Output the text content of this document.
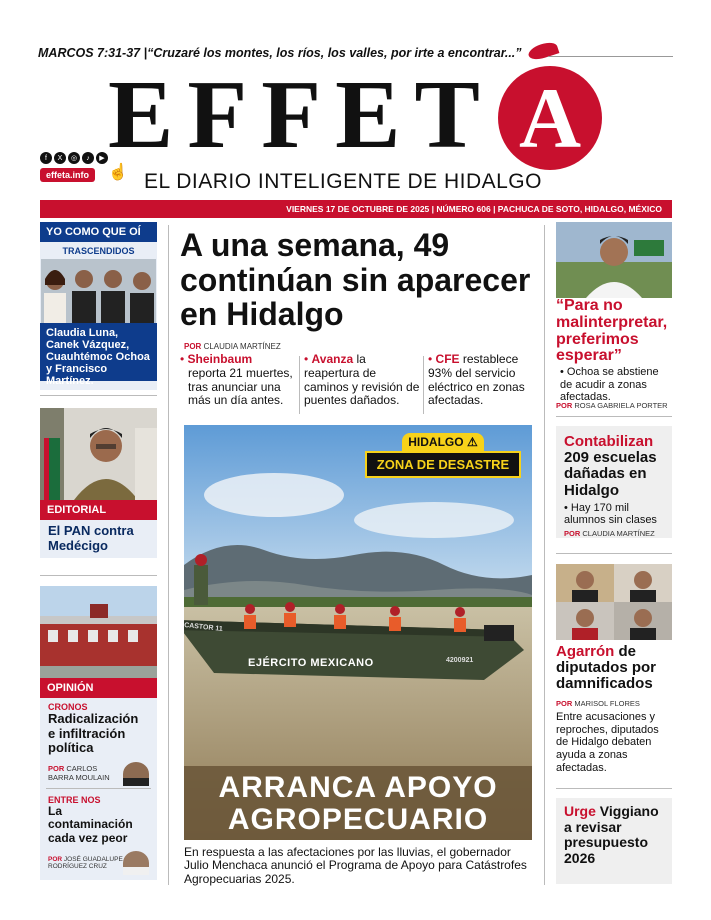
MARCOS 7:31-37 |“Cruzaré los montes, los ríos, los valles, por irte a encontrar...”
EFFET A
f	X	◎	♪	▶
effeta.info	☝ EL DIARIO INTELIGENTE DE HIDALGO
VIERNES 17 DE OCTUBRE DE 2025 | NÚMERO 606 | PACHUCA DE SOTO, HIDALGO, MÉXICO
YO COMO QUE OÍ
TRASCENDIDOS
Claudia Luna, Canek Vázquez, Cuauhtémoc Ochoa y Francisco Martínez.
EDITORIAL
El PAN contra Medécigo
OPINIÓN
CRONOS
Radicalización e infiltración política
POR CARLOS BARRA MOULAIN
ENTRE NOS
La contaminación cada vez peor
POR JOSÉ GUADALUPE RODRÍGUEZ CRUZ
A una semana, 49 continúan sin aparecer en Hidalgo
POR CLAUDIA MARTÍNEZ
• Sheinbaum
reporta 21 muertes, tras anunciar una más un día antes.
• Avanza la reapertura de caminos y revisión de puentes dañados.
• CFE restablece 93% del servicio eléctrico en zonas afectadas.
HIDALGO ⚠
ZONA DE DESASTRE
CASTOR 11
EJÉRCITO MEXICANO	4200921
ARRANCA APOYO AGROPECUARIO
En respuesta a las afectaciones por las lluvias, el gobernador Julio Menchaca anunció el Programa de Apoyo para Catástrofes Agropecuarias 2025.
“Para no malinterpretar, preferimos esperar”
• Ochoa se abstiene de acudir a zonas afectadas.
POR ROSA GABRIELA PORTER
Contabilizan
209 escuelas dañadas en Hidalgo
• Hay 170 mil alumnos sin clases
POR CLAUDIA MARTÍNEZ
Agarrón de diputados por damnificados
POR MARISOL FLORES
Entre acusaciones y reproches, diputados de Hidalgo debaten ayuda a zonas afectadas.
Urge Viggiano a revisar presupuesto 2026
